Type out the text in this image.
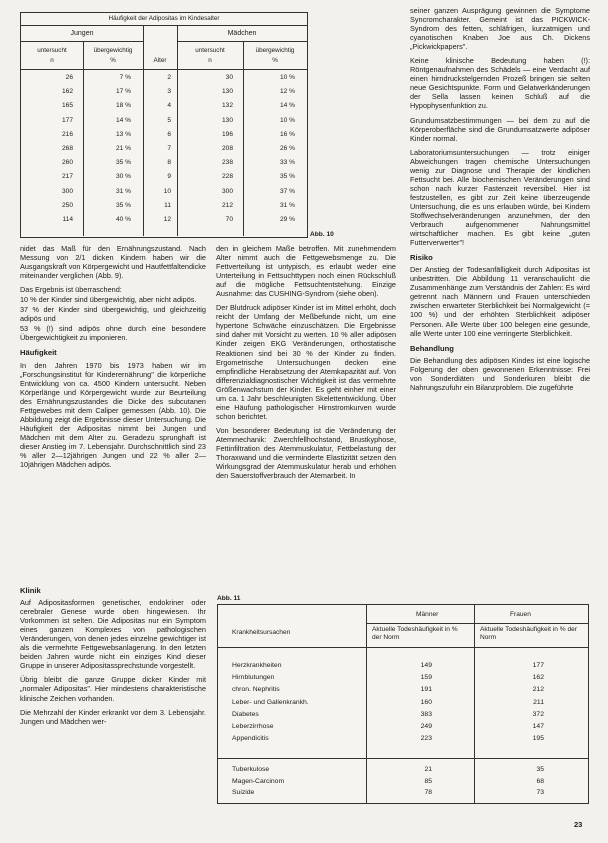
Häufigkeit der Adipositas im Kindesalter
Jungen	Mädchen
untersucht
n
übergewichtig
%	Alter
untersucht
n
übergewichtig
%
26	7 %	2	30	10 %
162	17 %	3	130	12 %
165	18 %	4	132	14 %
177	14 %	5	130	10 %
216	13 %	6	196	16 %
268	21 %	7	208	26 %
260	35 %	8	238	33 %
217	30 %	9	228	35 %
300	31 %	10	300	37 %
250	35 %	11	212	31 %
114	40 %	12	70	29 %
Abb. 10

nidet das Maß für den Ernährungszustand. Nach Messung von 2/1 dicken Kindern haben wir die Ausgangskraft von Körpergewicht und Hautfettfaltendicke miteinander verglichen (Abb. 9).

Das Ergebnis ist überraschend:

10 % der Kinder sind übergewichtig, aber nicht adipös.

37 % der Kinder sind übergewichtig, und gleichzeitig adipös und

53 % (!) sind adipös ohne durch eine besondere Übergewichtigkeit zu imponieren.

Häufigkeit

In den Jahren 1970 bis 1973 haben wir im „Forschungsinstitut für Kinderernährung" die körperliche Entwicklung von ca. 4500 Kindern untersucht. Neben Körperlänge und Körpergewicht wurde zur Beurteilung des Ernährungszustandes die Dicke des subcutanen Fettgewebes mit dem Caliper gemessen (Abb. 10). Die Abbildung zeigt die Ergebnisse dieser Untersuchung. Die Häufigkeit der Adipositas nimmt bei Jungen und Mädchen mit dem Alter zu. Geradezu sprunghaft ist dieser Anstieg im 7. Lebensjahr. Durchschnittlich sind 23 % aller 2—12jährigen Jungen und 22 % aller 2—10jährigen Mädchen adipös.

Klinik

Auf Adipositasformen genetischer, endokriner oder cerebraler Genese wurde oben hingewiesen. Ihr Vorkommen ist selten. Die Adipositas nur ein Symptom eines ganzen Komplexes von pathologischen Veränderungen, von denen jedes einzelne gewichtiger ist als die vermehrte Fettgewebsanlagerung. In den letzten beiden Jahren wurde nicht ein einziges Kind dieser Gruppe in unserer Adipositassprechstunde vorgestellt.

Übrig bleibt die ganze Gruppe dicker Kinder mit „normaler Adipositas". Hier mindestens charakteristische klinische Zeichen vorhanden.

Die Mehrzahl der Kinder erkrankt vor dem 3. Lebensjahr. Jungen und Mädchen wer-

den in gleichem Maße betroffen. Mit zunehmendem Alter nimmt auch die Fettgewebsmenge zu. Die Fettverteilung ist untypisch, es erlaubt weder eine Unterteilung in Fettsuchttypen noch einen Rückschluß auf die mögliche Fettsuchtentstehung. Einzige Ausnahme: das CUSHING-Syndrom (siehe oben).

Der Blutdruck adipöser Kinder ist im Mittel erhöht, doch reicht der Umfang der Meßbefunde nicht, um eine hypertone Schwäche einzuschätzen. Die Ergebnisse sind daher mit Vorsicht zu werten. 10 % aller adipösen Kinder zeigen EKG Veränderungen, orthostatische Reaktionen sind bei 30 % der Kinder zu finden. Ergometrische Untersuchungen decken eine empfindliche Herabsetzung der Atemkapazität auf. Von differenzialdiagnostischer Wichtigkeit ist das vermehrte Größenwachstum der Kinder. Es geht einher mit einer um ca. 1 Jahr beschleunigten Skelettentwicklung. Über eine Häufung pathologischer Hirnstromkurven wurde schon berichtet.

Von besonderer Bedeutung ist die Veränderung der Atemmechanik: Zwerchfellhochstand, Brustkyphose, Fettinfiltration des Atemmuskulatur, Fettbelastung der Thoraxwand und die verminderte Elastizität setzen den Wirkungsgrad der Atemmuskulatur herab und erhöhen den Sauerstoffverbrauch der Atemarbeit. In

seiner ganzen Ausprägung gewinnen die Symptome Syncromcharakter. Gemeint ist das PICKWICK-Syndrom des fetten, schläfrigen, kurzatmigen und cyanotischen Knaben Joe aus Ch. Dickens „Pickwickpapers".

Keine klinische Bedeutung haben (!): Röntgenaufnahmen des Schädels — eine Verdacht auf einen hirndruckstelgernden Prozeß bringen sie selten neue Gesichtspunkte. Form und Gelatwerkänderungen der Sella lassen keinen Schluß auf die Hypophysenfunktion zu.

Grundumsatzbestimmungen — bei dem zu auf die Körperoberfläche sind die Grundumsatzwerte adipöser Kinder normal.

Laboratoriumsuntersuchungen — trotz einiger Abweichungen tragen chemische Untersuchungen wenig zur Diagnose und Therapie der kindlichen Fettsucht bei. Alle biochemischen Veränderungen sind schon nach kurzer Fastenzeit reversibel. Hier ist festzustellen, es gibt zur Zeit keine überzeugende Untersuchung, die es uns erlauben würde, bei Kindern Stoffwechselveränderungen anzunehmen, der den Verbrauch aufgenommener Nahrungsmittel wirtschaftlicher machen. Es gibt keine „guten Futterverwerter"!

Risiko

Der Anstieg der Todesanfälligkeit durch Adipositas ist unbestritten. Die Abbildung 11 veranschaulicht die Zusammenhänge zum Verständnis der Zahlen: Es wird getrennt nach Männern und Frauen unterschieden zwischen erwarteter Sterblichkeit bei Normalgewicht (= 100 %) und der erhöhten Sterblichkeit adipöser Personen. Alle Werte über 100 belegen eine gesunde, alle Werte unter 100 eine verringerte Sterblichkeit.

Behandlung

Die Behandlung des adipösen Kindes ist eine logische Folgerung der oben gewonnenen Erkenntnisse: Frei von Sonderdiäten und Sonderkuren bleibt die Nahrungszufuhr ein Bilanzproblem. Die zugeführte

Abb. 11
Männer	Frauen
Krankheitsursachen	Aktuelle Todeshäufigkeit in % der Norm
Aktuelle Todeshäufigkeit in % der Norm
Herzkrankheiten	149	177
Hirnblutungen	159	162
chron. Nephritis	191	212
Leber- und Gallenkrankh.	160	211
Diabetes	383	372
Leberzirrhose	249	147
Appendicitis	223	195
Tuberkulose	21	35
Magen-Carcinom	85	68
Suizide	78	73
23
